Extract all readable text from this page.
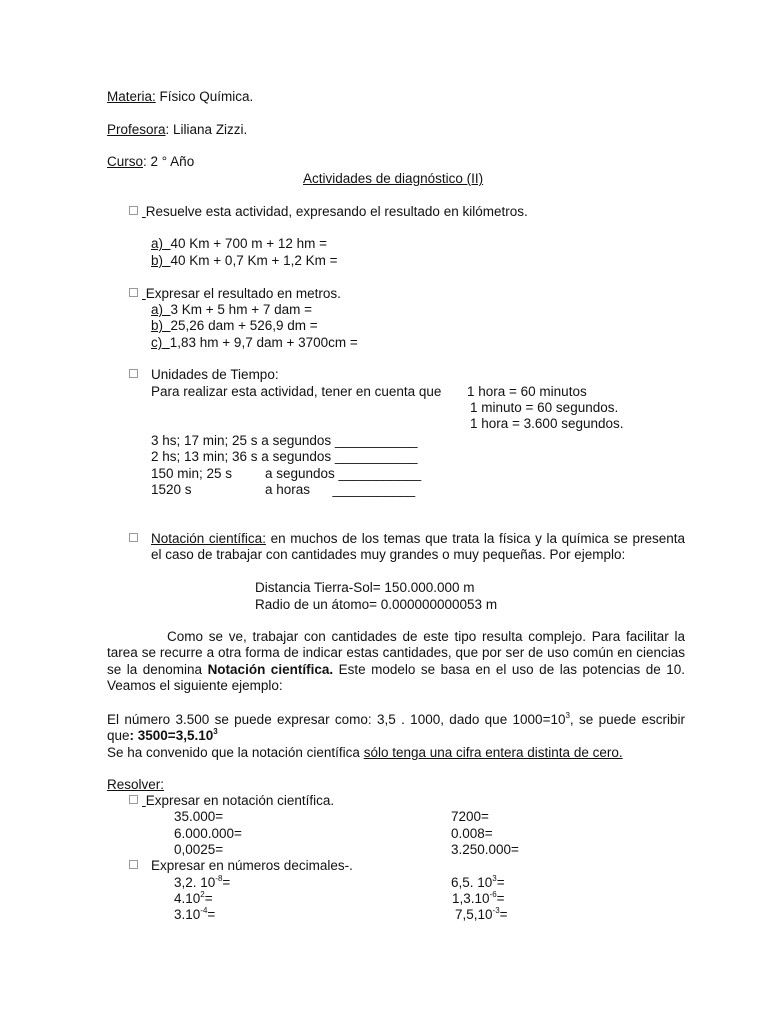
Materia: Físico Química.
Profesora: Liliana Zizzi.
Curso: 2 ° Año
Actividades de diagnóstico (II)
Resuelve esta actividad, expresando el resultado en kilómetros.
a) 40 Km + 700 m + 12 hm =
b) 40 Km + 0,7 Km + 1,2 Km =
Expresar el resultado en metros.
a) 3 Km + 5 hm + 7 dam =
b) 25,26 dam + 526,9 dm =
c) 1,83 hm + 9,7 dam + 3700cm =
Unidades de Tiempo:
Para realizar esta actividad, tener en cuenta que 1 hora = 60 minutos
1 minuto = 60 segundos.
1 hora = 3.600 segundos.
3 hs; 17 min; 25 s a segundos ___________
2 hs; 13 min; 36 s a segundos ___________
150 min; 25 s a segundos ___________
1520 s	a horas      ___________
Notación científica: en muchos de los temas que trata la física y la química se presenta el caso de trabajar con cantidades muy grandes o muy pequeñas. Por ejemplo:
Distancia Tierra-Sol= 150.000.000 m
Radio de un átomo= 0.000000000053 m
Como se ve, trabajar con cantidades de este tipo resulta complejo. Para facilitar la tarea se recurre a otra forma de indicar estas cantidades, que por ser de uso común en ciencias se la denomina Notación científica. Este modelo se basa en el uso de las potencias de 10. Veamos el siguiente ejemplo:
El número 3.500 se puede expresar como: 3,5 . 1000, dado que $1000=10^3$, se puede escribir que: $3500=3,5.10^3$
Se ha convenido que la notación científica sólo tenga una cifra entera distinta de cero.
Resolver:
Expresar en notación científica.
35.000=
6.000.000=
0,0025=
7200=
0.008=
3.250.000=
Expresar en números decimales-.
3,2. $10^{-8}=$
$4.10^2=$
$3.10^{-4}=$
6,5. $10^3=$
$1,3.10^{-6}=$
$7,5,10^{-3}=$
